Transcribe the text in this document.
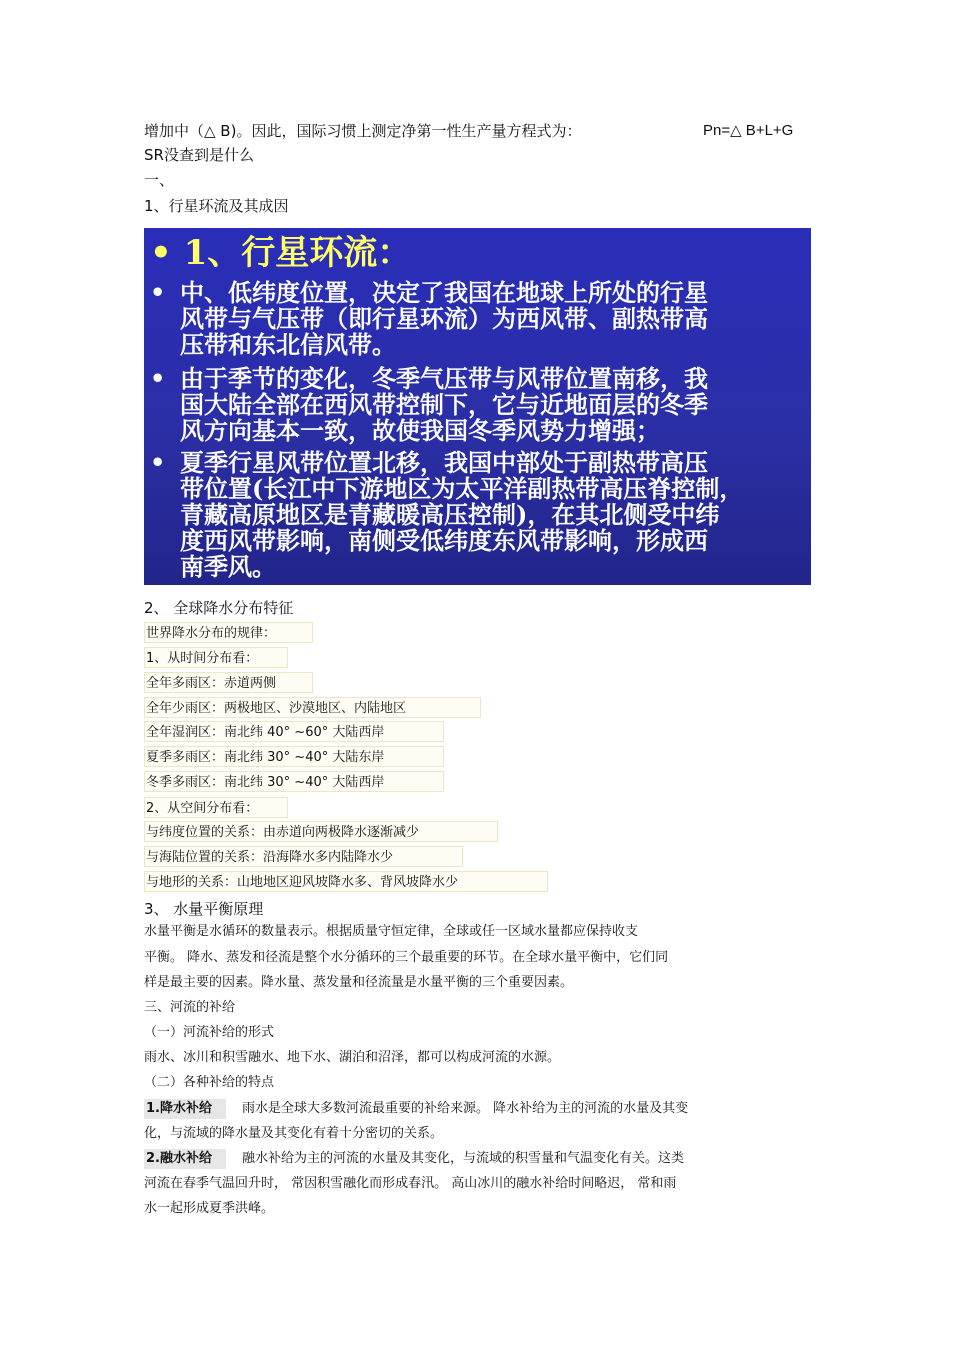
增加中（△ B)。因此，国际习惯上测定净第一性生产量方程式为：	Pn=△ B+L+G
SR没查到是什么
一、
1、行星环流及其成因
• 1、行星环流：
• 中、低纬度位置，决定了我国在地球上所处的行星
风带与气压带（即行星环流）为西风带、副热带高
压带和东北信风带。
• 由于季节的变化，冬季气压带与风带位置南移，我
国大陆全部在西风带控制下，它与近地面层的冬季
风方向基本一致，故使我国冬季风势力增强；
• 夏季行星风带位置北移，我国中部处于副热带高压
带位置(长江中下游地区为太平洋副热带高压脊控制，
青藏高原地区是青藏暖高压控制)，在其北侧受中纬
度西风带影响，南侧受低纬度东风带影响，形成西
南季风。
2、 全球降水分布特征
世界降水分布的规律：
1、从时间分布看：
全年多雨区：赤道两侧
全年少雨区：两极地区、沙漠地区、内陆地区
全年湿润区：南北纬 40° ~60° 大陆西岸
夏季多雨区：南北纬 30° ~40° 大陆东岸
冬季多雨区：南北纬 30° ~40° 大陆西岸
2、从空间分布看：
与纬度位置的关系：由赤道向两极降水逐渐减少
与海陆位置的关系：沿海降水多内陆降水少
与地形的关系：山地地区迎风坡降水多、背风坡降水少
3、 水量平衡原理
水量平衡是水循环的数量表示。根据质量守恒定律，全球或任一区域水量都应保持收支
平衡。 降水、蒸发和径流是整个水分循环的三个最重要的环节。在全球水量平衡中，它们同
样是最主要的因素。降水量、蒸发量和径流量是水量平衡的三个重要因素。
三、河流的补给
（一）河流补给的形式
雨水、冰川和积雪融水、地下水、湖泊和沼泽，都可以构成河流的水源。
（二）各种补给的特点
1.降水补给 雨水是全球大多数河流最重要的补给来源。 降水补给为主的河流的水量及其变
化，与流域的降水量及其变化有着十分密切的关系。
2.融水补给 融水补给为主的河流的水量及其变化，与流域的积雪量和气温变化有关。这类
河流在春季气温回升时， 常因积雪融化而形成春汛。 高山冰川的融水补给时间略迟， 常和雨
水一起形成夏季洪峰。
